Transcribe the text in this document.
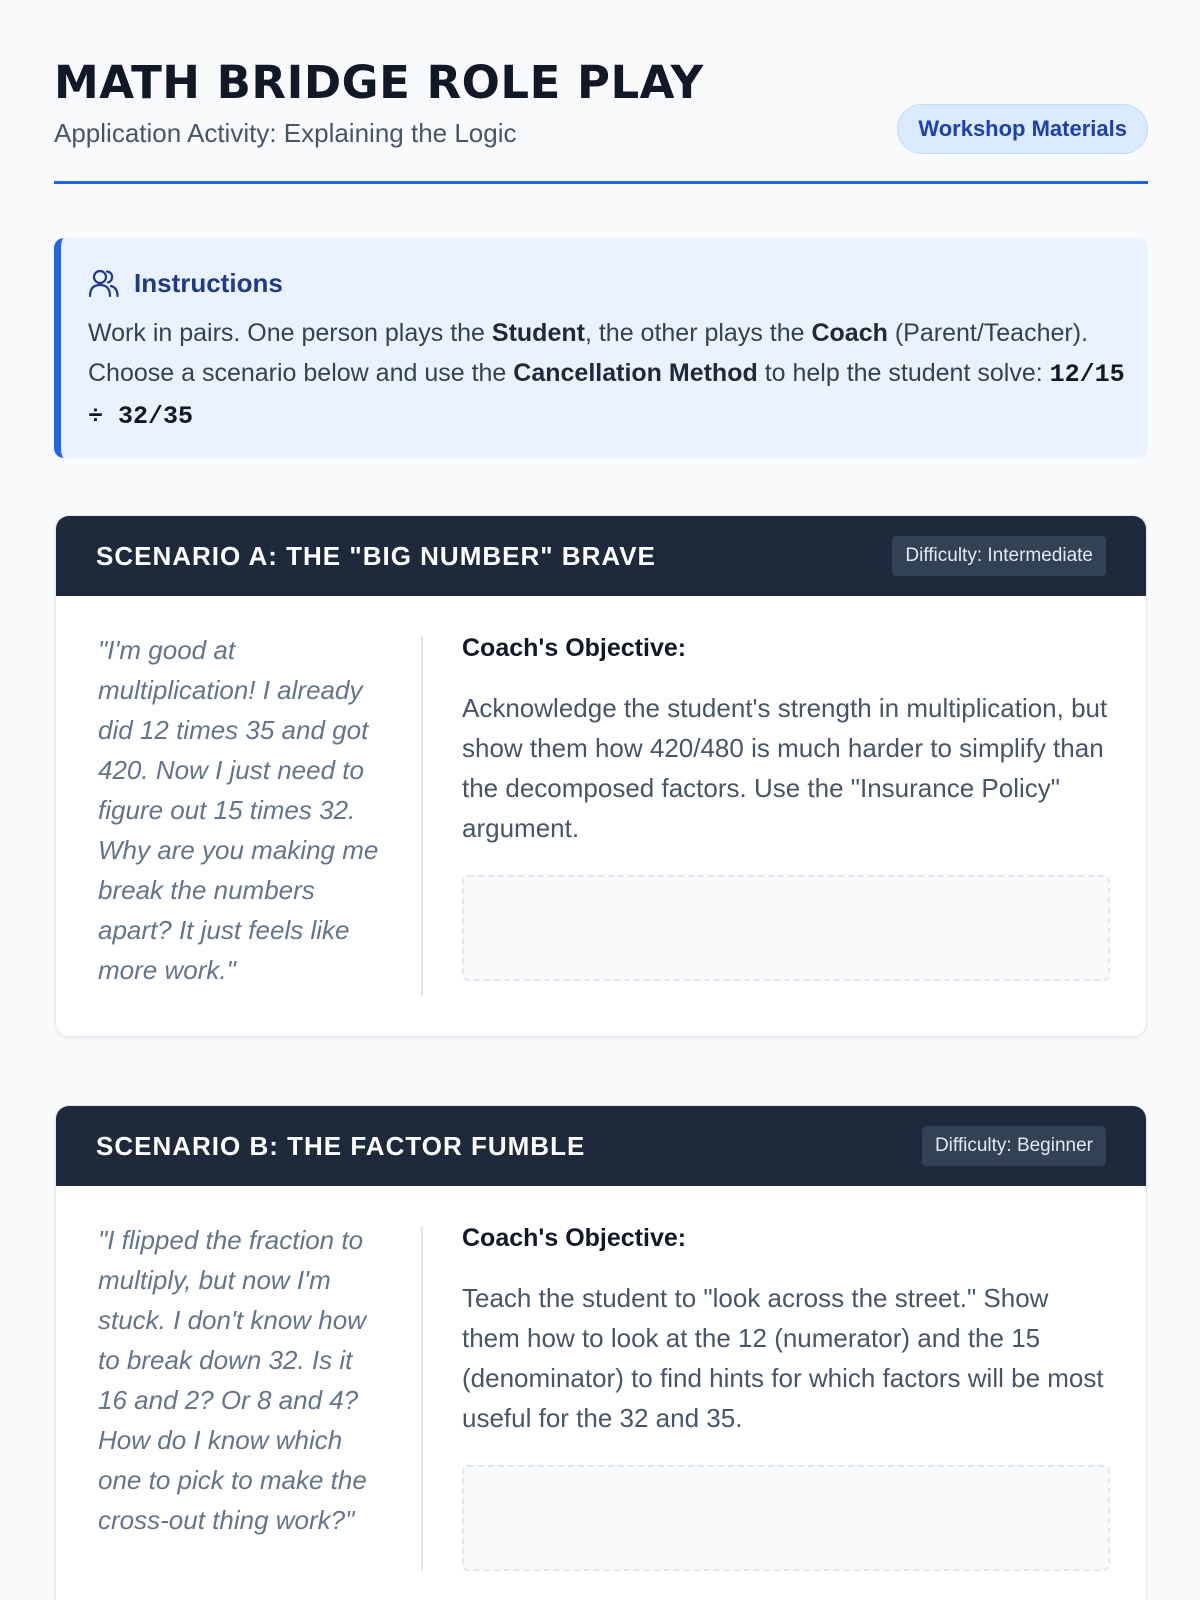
MATH BRIDGE ROLE PLAY
Application Activity: Explaining the Logic	Workshop Materials
Instructions
Work in pairs. One person plays the Student, the other plays the Coach (Parent/Teacher). Choose a scenario below and use the Cancellation Method to help the student solve: 12/15 ÷ 32/35
SCENARIO A: THE "BIG NUMBER" BRAVE	Difficulty: Intermediate
"I'm good at multiplication! I already did 12 times 35 and got 420. Now I just need to figure out 15 times 32. Why are you making me break the numbers apart? It just feels like more work."
Coach's Objective:
Acknowledge the student's strength in multiplication, but show them how 420/480 is much harder to simplify than the decomposed factors. Use the "Insurance Policy" argument.
SCENARIO B: THE FACTOR FUMBLE	Difficulty: Beginner
"I flipped the fraction to multiply, but now I'm stuck. I don't know how to break down 32. Is it 16 and 2? Or 8 and 4? How do I know which one to pick to make the cross-out thing work?"
Coach's Objective:
Teach the student to "look across the street." Show them how to look at the 12 (numerator) and the 15 (denominator) to find hints for which factors will be most useful for the 32 and 35.
